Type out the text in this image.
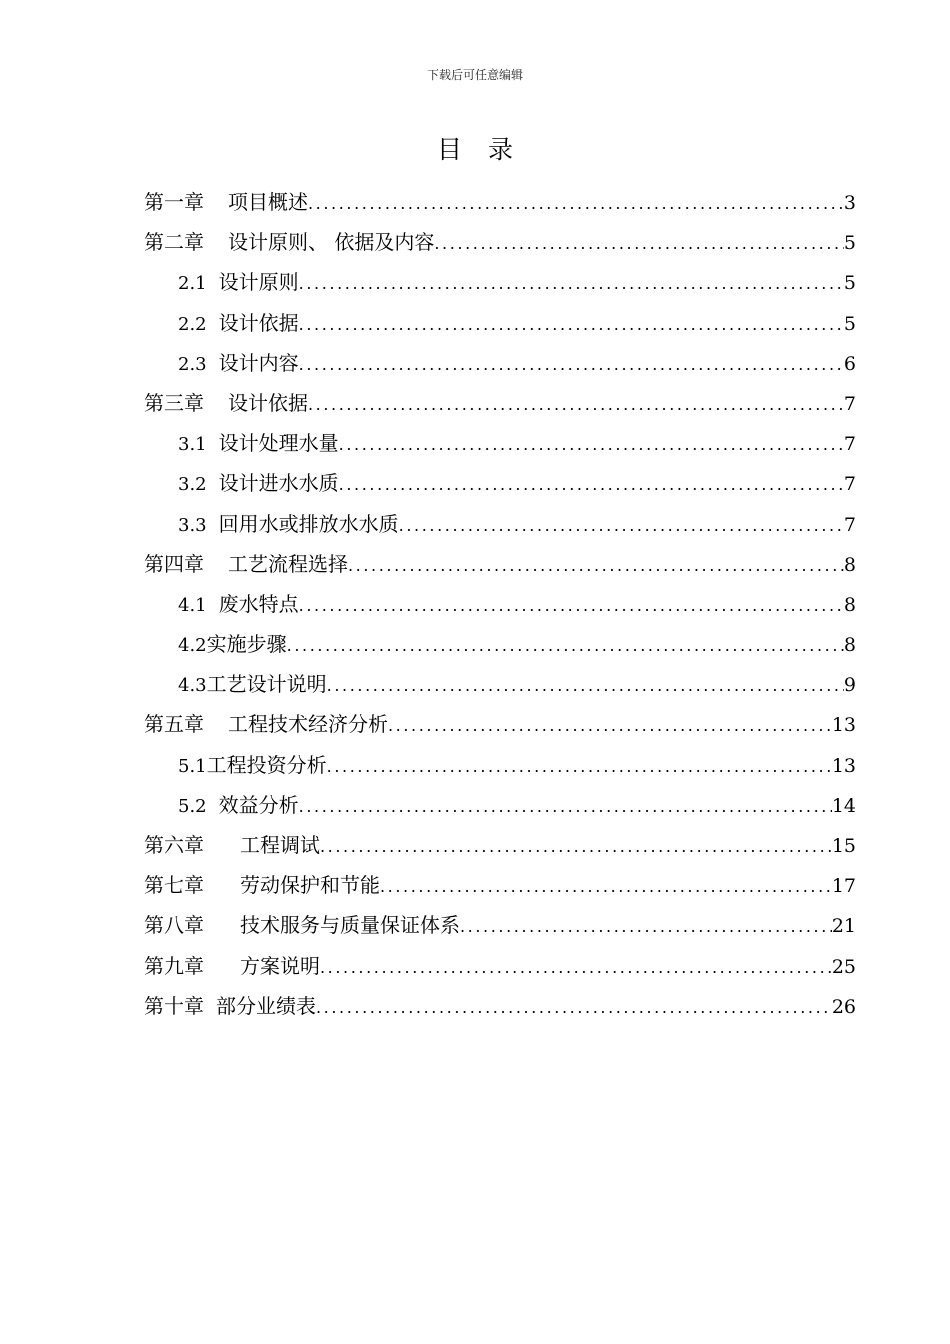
下载后可任意编辑
目录
第一章 项目概述 .....	3
第二章 设计原则、 依据及内容 .....	5
2.1 设计原则 .....	5
2.2 设计依据 .....	5
2.3 设计内容 .....	6
第三章 设计依据 .....	7
3.1 设计处理水量 .....	7
3.2 设计进水水质 .....	7
3.3 回用水或排放水水质 .....	7
第四章 工艺流程选择 .....	8
4.1 废水特点 .....	8
4.2 实施步骤 .....	8
4.3 工艺设计说明 .....	9
第五章 工程技术经济分析 .....	13
5.1 工程投资分析 .....	13
5.2 效益分析 .....	14
第六章 工程调试 .....	15
第七章 劳动保护和节能 .....	17
第八章 技术服务与质量保证体系 .....	21
第九章 方案说明 .....	25
第十章 部分业绩表 .....	26
